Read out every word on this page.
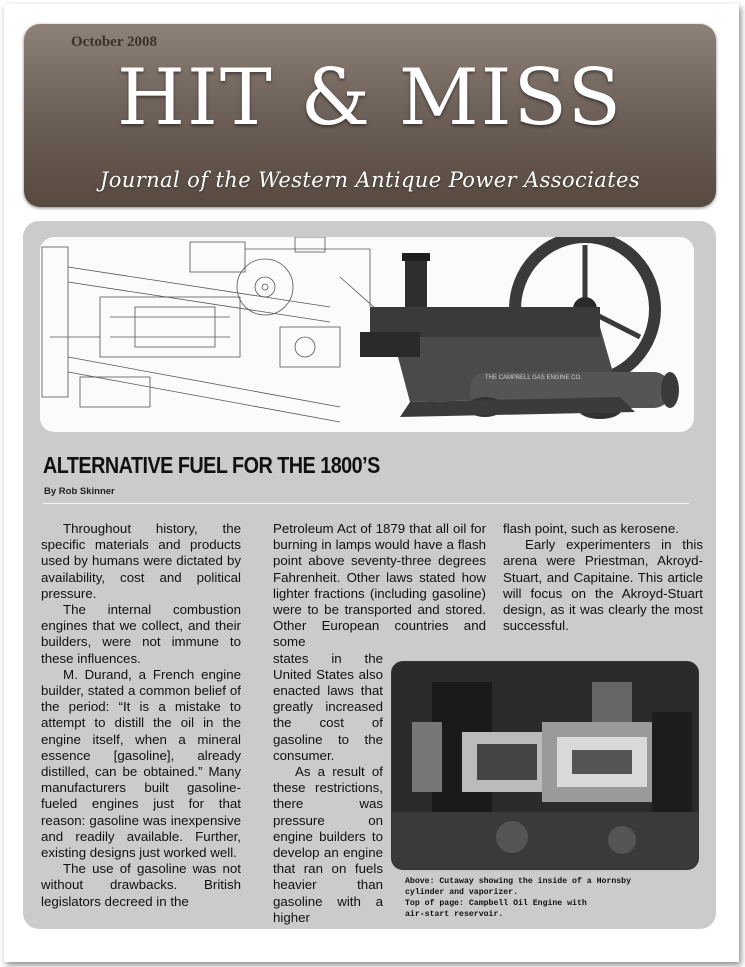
October 2008
HIT & MISS
Journal of the Western Antique Power Associates
THE CAMPBELL GAS ENGINE CO.
ALTERNATIVE FUEL FOR THE 1800’S
By Rob Skinner

Throughout history, the specific materials and products used by humans were dictated by availability, cost and political pressure.

The internal combustion engines that we collect, and their builders, were not immune to these influences.

M. Durand, a French engine builder, stated a common belief of the period: “It is a mistake to attempt to distill the oil in the engine itself, when a mineral essence [gasoline], already distilled, can be obtained.” Many manufacturers built gasoline-fueled engines just for that reason: gasoline was inexpensive and readily available. Further, existing designs just worked well.

The use of gasoline was not without drawbacks. British legislators decreed in the

Petroleum Act of 1879 that all oil for burning in lamps would have a flash point above seventy-three degrees Fahrenheit. Other laws stated how lighter fractions (including gasoline) were to be transported and stored. Other European countries and some

states in the United States also enacted laws that greatly increased the cost of gasoline to the consumer.

As a result of these restrictions, there was pressure on engine builders to develop an engine that ran on fuels heavier than gasoline with a higher

flash point, such as kerosene.

Early experimenters in this arena were Priestman, Akroyd-Stuart, and Capitaine. This article will focus on the Akroyd-Stuart design, as it was clearly the most successful.

Above: Cutaway showing the inside of a Hornsby
cylinder and vaporizer.
Top of page: Campbell Oil Engine with
air-start reservoir.
